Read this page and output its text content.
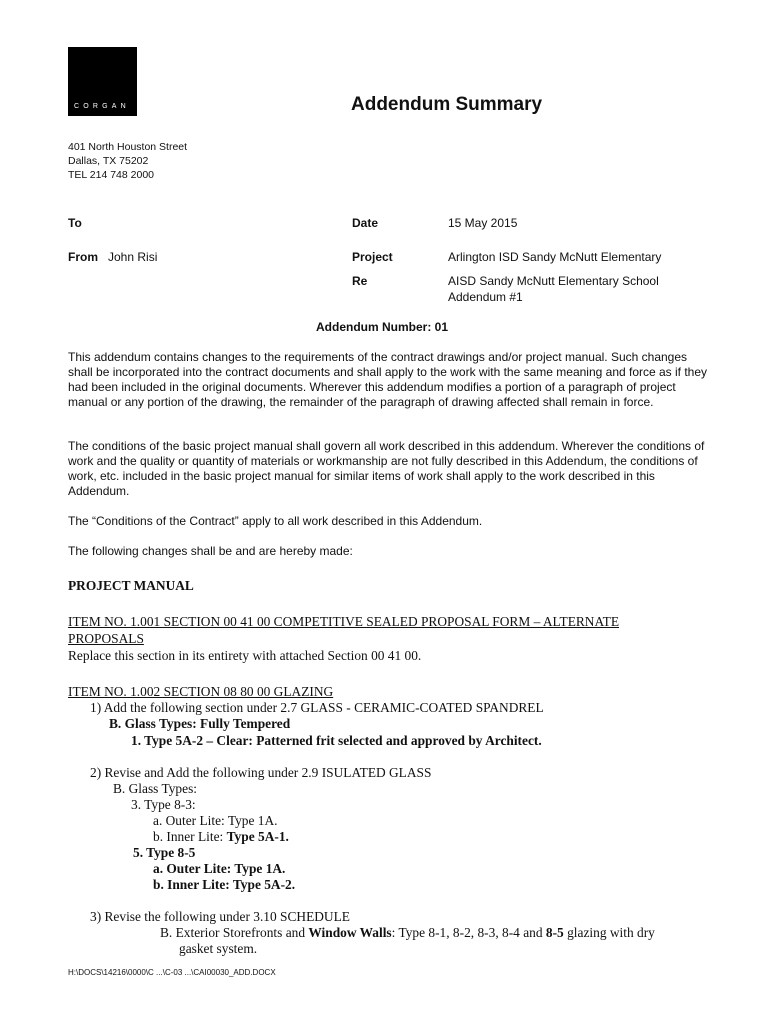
CORGAN	Addendum Summary
401 North Houston Street
Dallas, TX 75202
TEL 214 748 2000
To
From John Risi
Date	15 May 2015
Project	Arlington ISD Sandy McNutt Elementary
Re	AISD Sandy McNutt Elementary School
Addendum #1
Addendum Number: 01
This addendum contains changes to the requirements of the contract drawings and/or project manual. Such changes shall be incorporated into the contract documents and shall apply to the work with the same meaning and force as if they had been included in the original documents. Wherever this addendum modifies a portion of a paragraph of project manual or any portion of the drawing, the remainder of the paragraph of drawing affected shall remain in force.
The conditions of the basic project manual shall govern all work described in this addendum. Wherever the conditions of work and the quality or quantity of materials or workmanship are not fully described in this Addendum, the conditions of work, etc. included in the basic project manual for similar items of work shall apply to the work described in this Addendum.
The “Conditions of the Contract” apply to all work described in this Addendum.
The following changes shall be and are hereby made:
PROJECT MANUAL
ITEM NO. 1.001 SECTION 00 41 00 COMPETITIVE SEALED PROPOSAL FORM – ALTERNATE
PROPOSALS
Replace this section in its entirety with attached Section 00 41 00.
ITEM NO. 1.002 SECTION 08 80 00 GLAZING
1) Add the following section under 2.7 GLASS - CERAMIC-COATED SPANDREL
B. Glass Types: Fully Tempered
1. Type 5A-2 – Clear: Patterned frit selected and approved by Architect.
2) Revise and Add the following under 2.9 ISULATED GLASS
B. Glass Types:
3. Type 8-3:
a. Outer Lite: Type 1A.
b. Inner Lite: Type 5A-1.
5. Type 8-5
a. Outer Lite: Type 1A.
b. Inner Lite: Type 5A-2.
3) Revise the following under 3.10 SCHEDULE
B. Exterior Storefronts and Window Walls: Type 8-1, 8-2, 8-3, 8-4 and 8-5 glazing with dry
gasket system.
H:\DOCS\14216\0000\C ...\C-03 ...\CAI00030_ADD.DOCX
